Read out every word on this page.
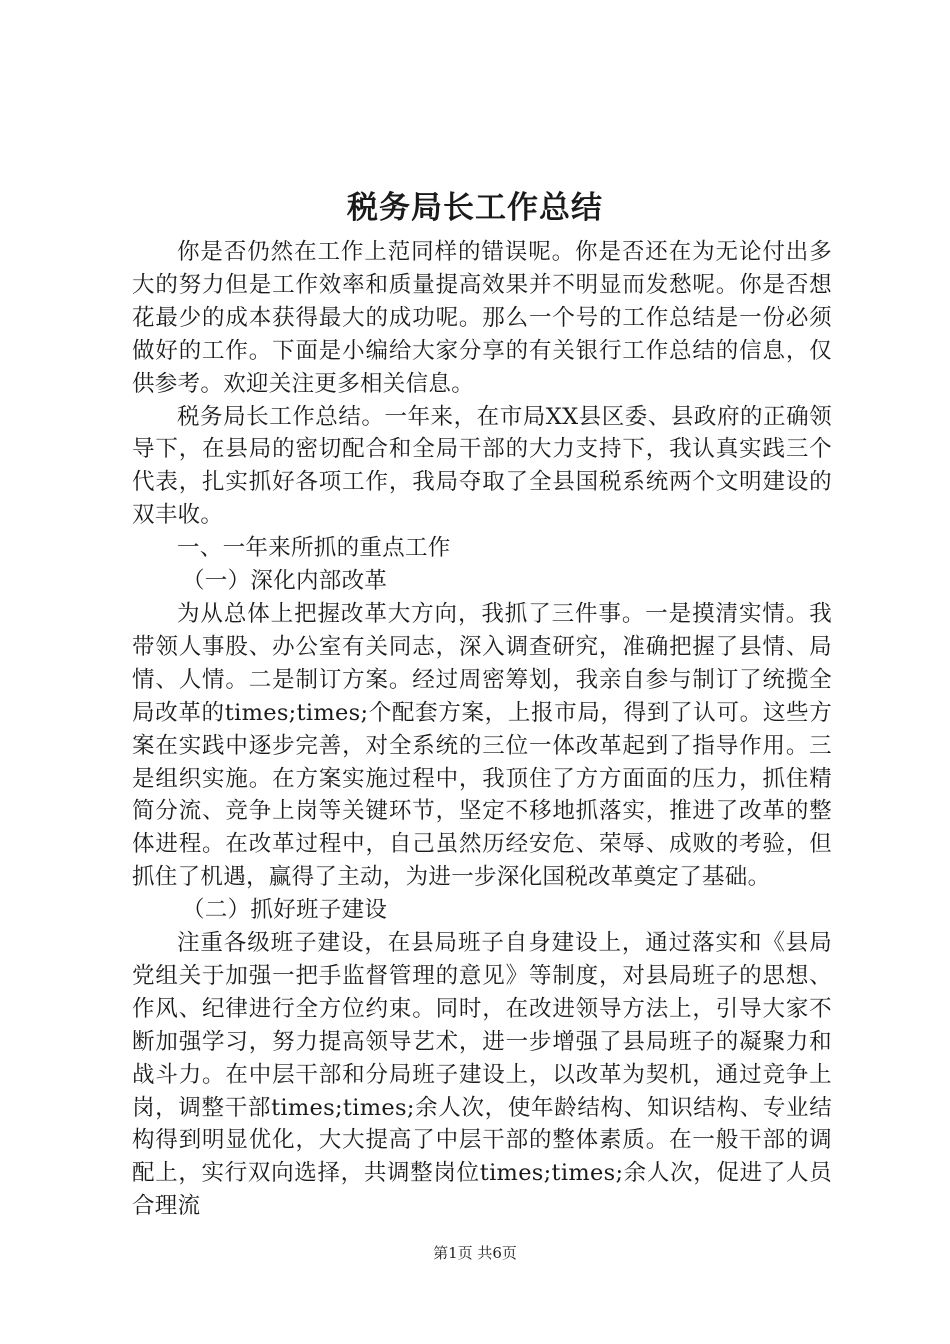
税务局长工作总结

你是否仍然在工作上范同样的错误呢。你是否还在为无论付出多大的努力但是工作效率和质量提高效果并不明显而发愁呢。你是否想花最少的成本获得最大的成功呢。那么一个号的工作总结是一份必须做好的工作。下面是小编给大家分享的有关银行工作总结的信息，仅供参考。欢迎关注更多相关信息。

税务局长工作总结。一年来，在市局XX县区委、县政府的正确领导下，在县局的密切配合和全局干部的大力支持下，我认真实践三个代表，扎实抓好各项工作，我局夺取了全县国税系统两个文明建设的双丰收。

一、一年来所抓的重点工作

（一）深化内部改革

为从总体上把握改革大方向，我抓了三件事。一是摸清实情。我带领人事股、办公室有关同志，深入调查研究，准确把握了县情、局情、人情。二是制订方案。经过周密筹划，我亲自参与制订了统揽全局改革的times;times;个配套方案，上报市局，得到了认可。这些方案在实践中逐步完善，对全系统的三位一体改革起到了指导作用。三是组织实施。在方案实施过程中，我顶住了方方面面的压力，抓住精简分流、竞争上岗等关键环节，坚定不移地抓落实，推进了改革的整体进程。在改革过程中，自己虽然历经安危、荣辱、成败的考验，但抓住了机遇，赢得了主动，为进一步深化国税改革奠定了基础。

（二）抓好班子建设

注重各级班子建设，在县局班子自身建设上，通过落实和《县局党组关于加强一把手监督管理的意见》等制度，对县局班子的思想、作风、纪律进行全方位约束。同时，在改进领导方法上，引导大家不断加强学习，努力提高领导艺术，进一步增强了县局班子的凝聚力和战斗力。在中层干部和分局班子建设上，以改革为契机，通过竞争上岗，调整干部times;times;余人次，使年龄结构、知识结构、专业结构得到明显优化，大大提高了中层干部的整体素质。在一般干部的调配上，实行双向选择，共调整岗位times;times;余人次，促进了人员合理流

第1页 共6页
